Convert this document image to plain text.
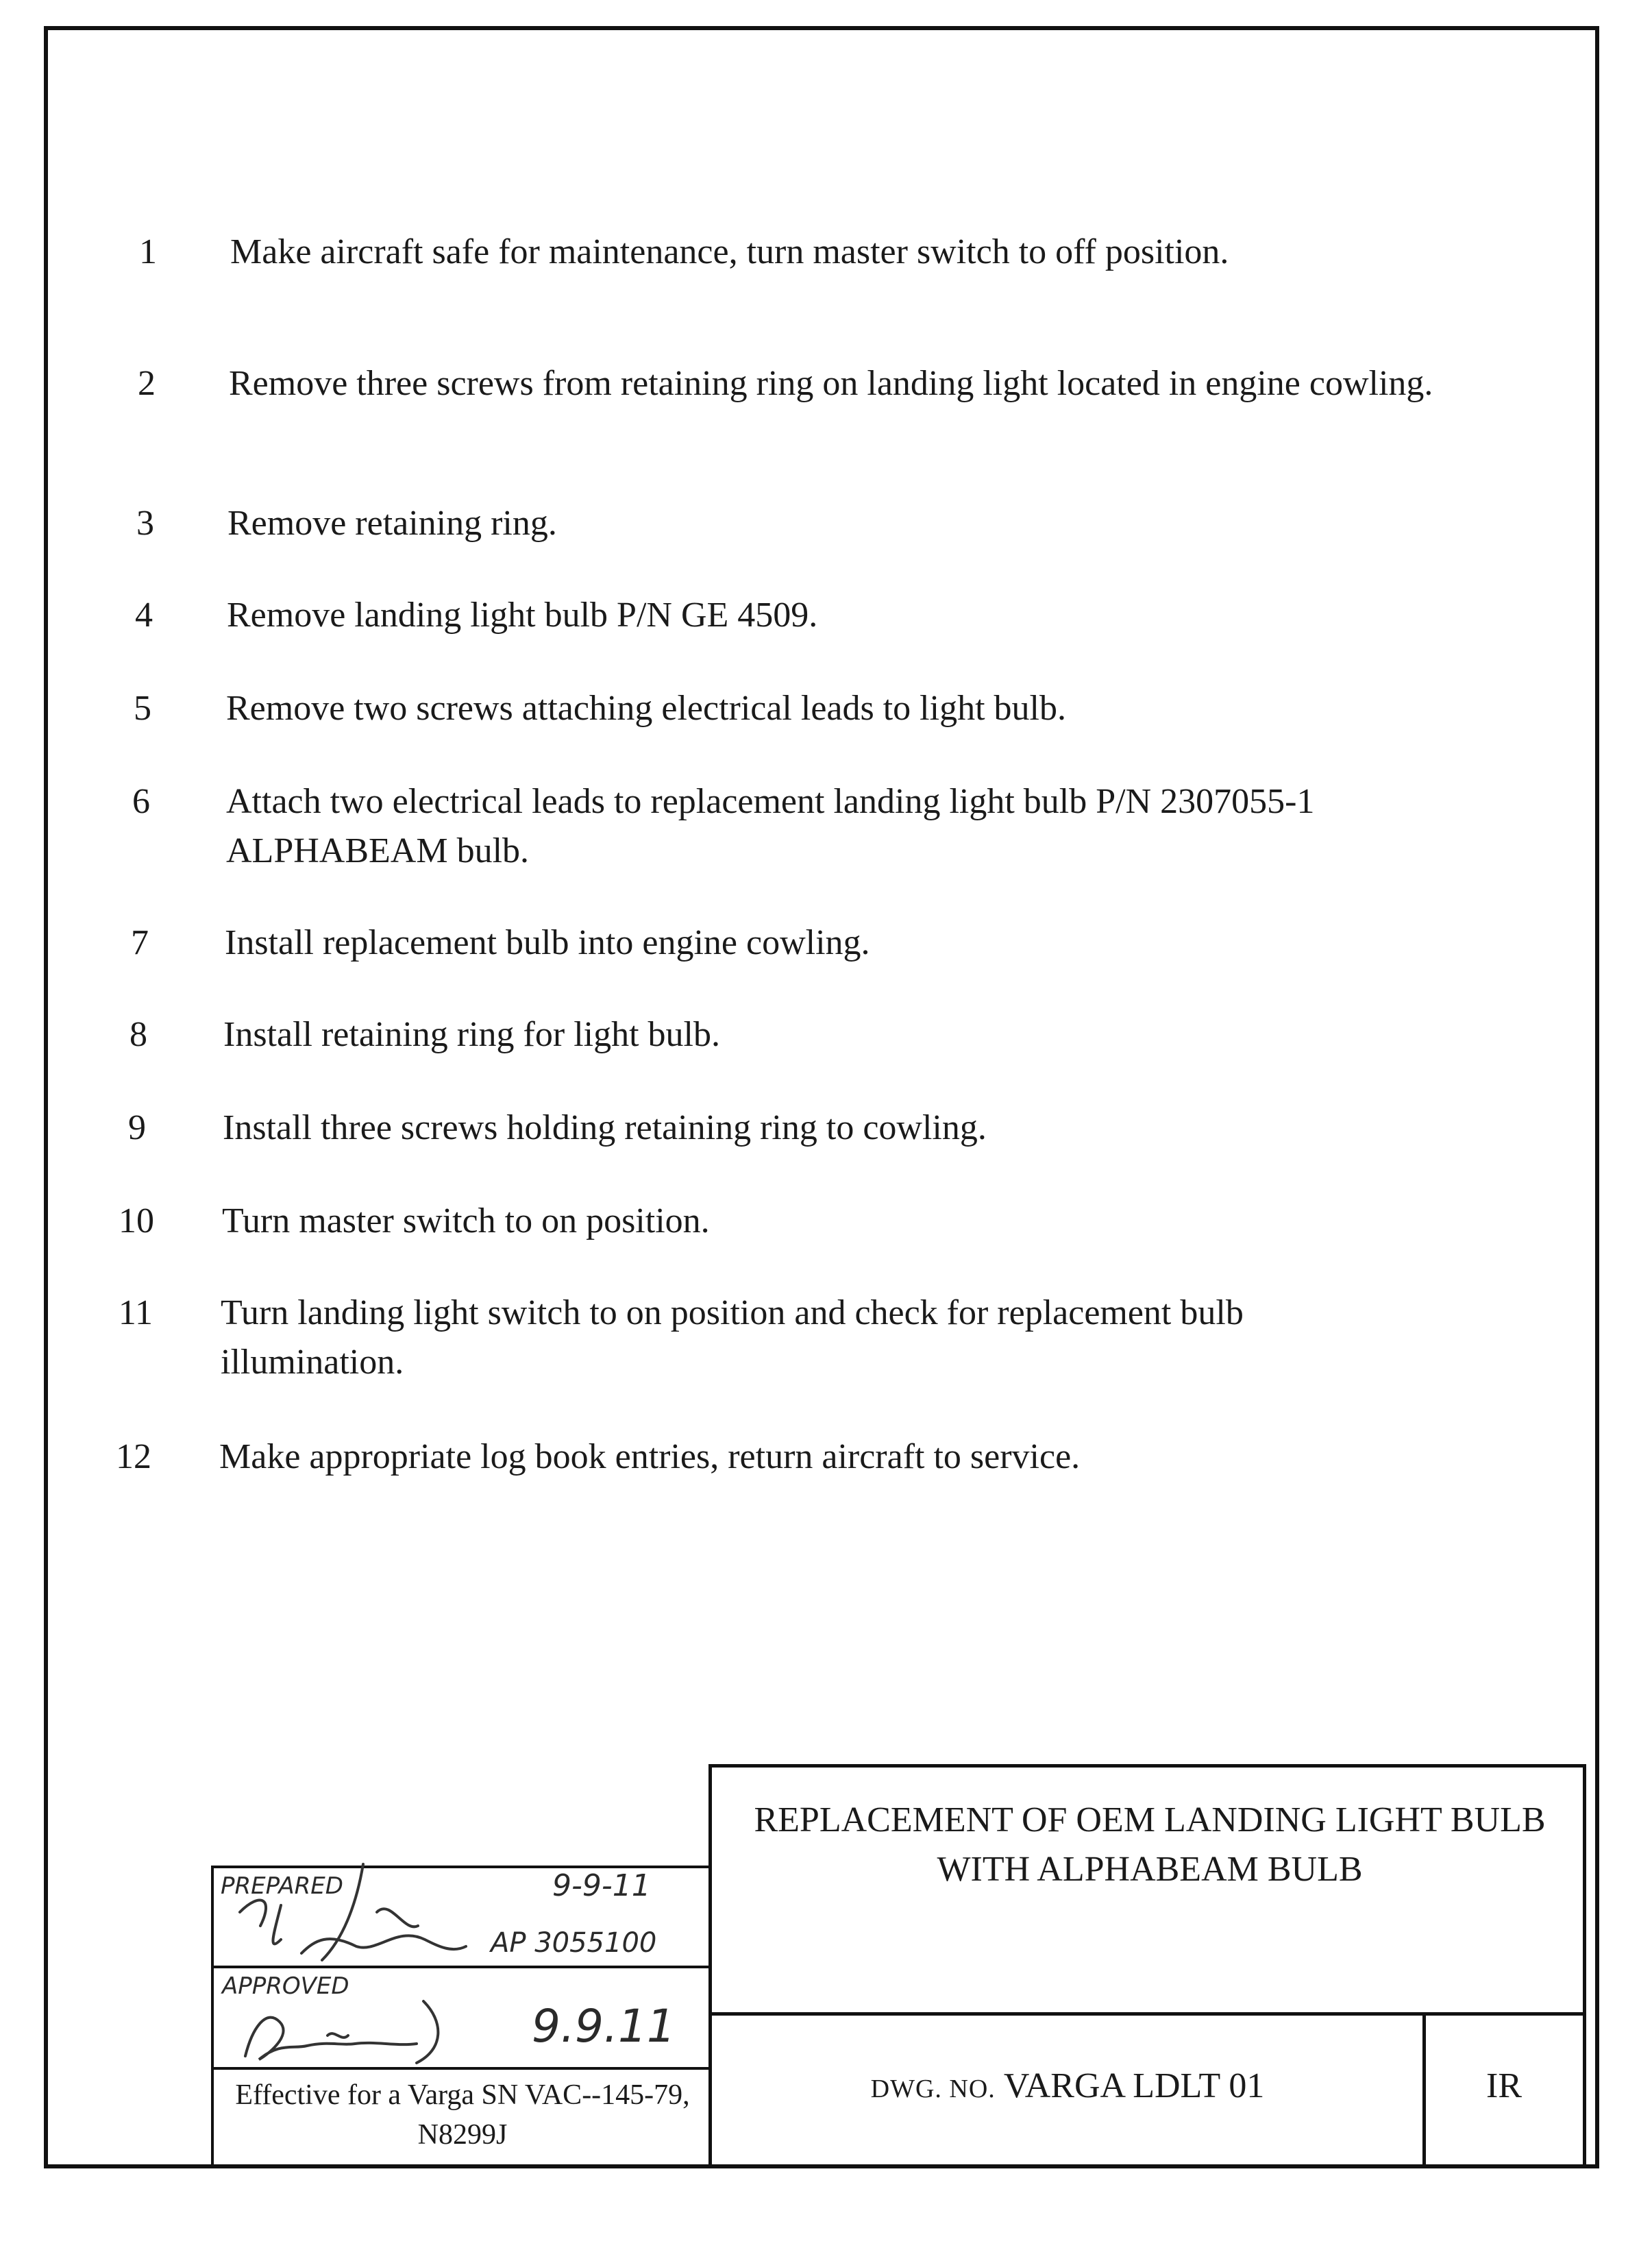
1 Make aircraft safe for maintenance, turn master switch to off position.
2 Remove three screws from retaining ring on landing light located in engine cowling.
3 Remove retaining ring.
4 Remove landing light bulb P/N GE 4509.
5 Remove two screws attaching electrical leads to light bulb.
6 Attach two electrical leads to replacement landing light bulb P/N 2307055-1 ALPHABEAM bulb.
7 Install replacement bulb into engine cowling.
8 Install retaining ring for light bulb.
9 Install three screws holding retaining ring to cowling.
10 Turn master switch to on position.
11 Turn landing light switch to on position and check for replacement bulb illumination.
12 Make appropriate log book entries, return aircraft to service.
REPLACEMENT OF OEM LANDING LIGHT BULB
WITH ALPHABEAM BULB
DWG. NO. VARGA LDLT 01	IR
Effective for a Varga SN VAC--145-79, N8299J
PREPARED	9-9-11
AP 3055100
APPROVED
9.9.11
